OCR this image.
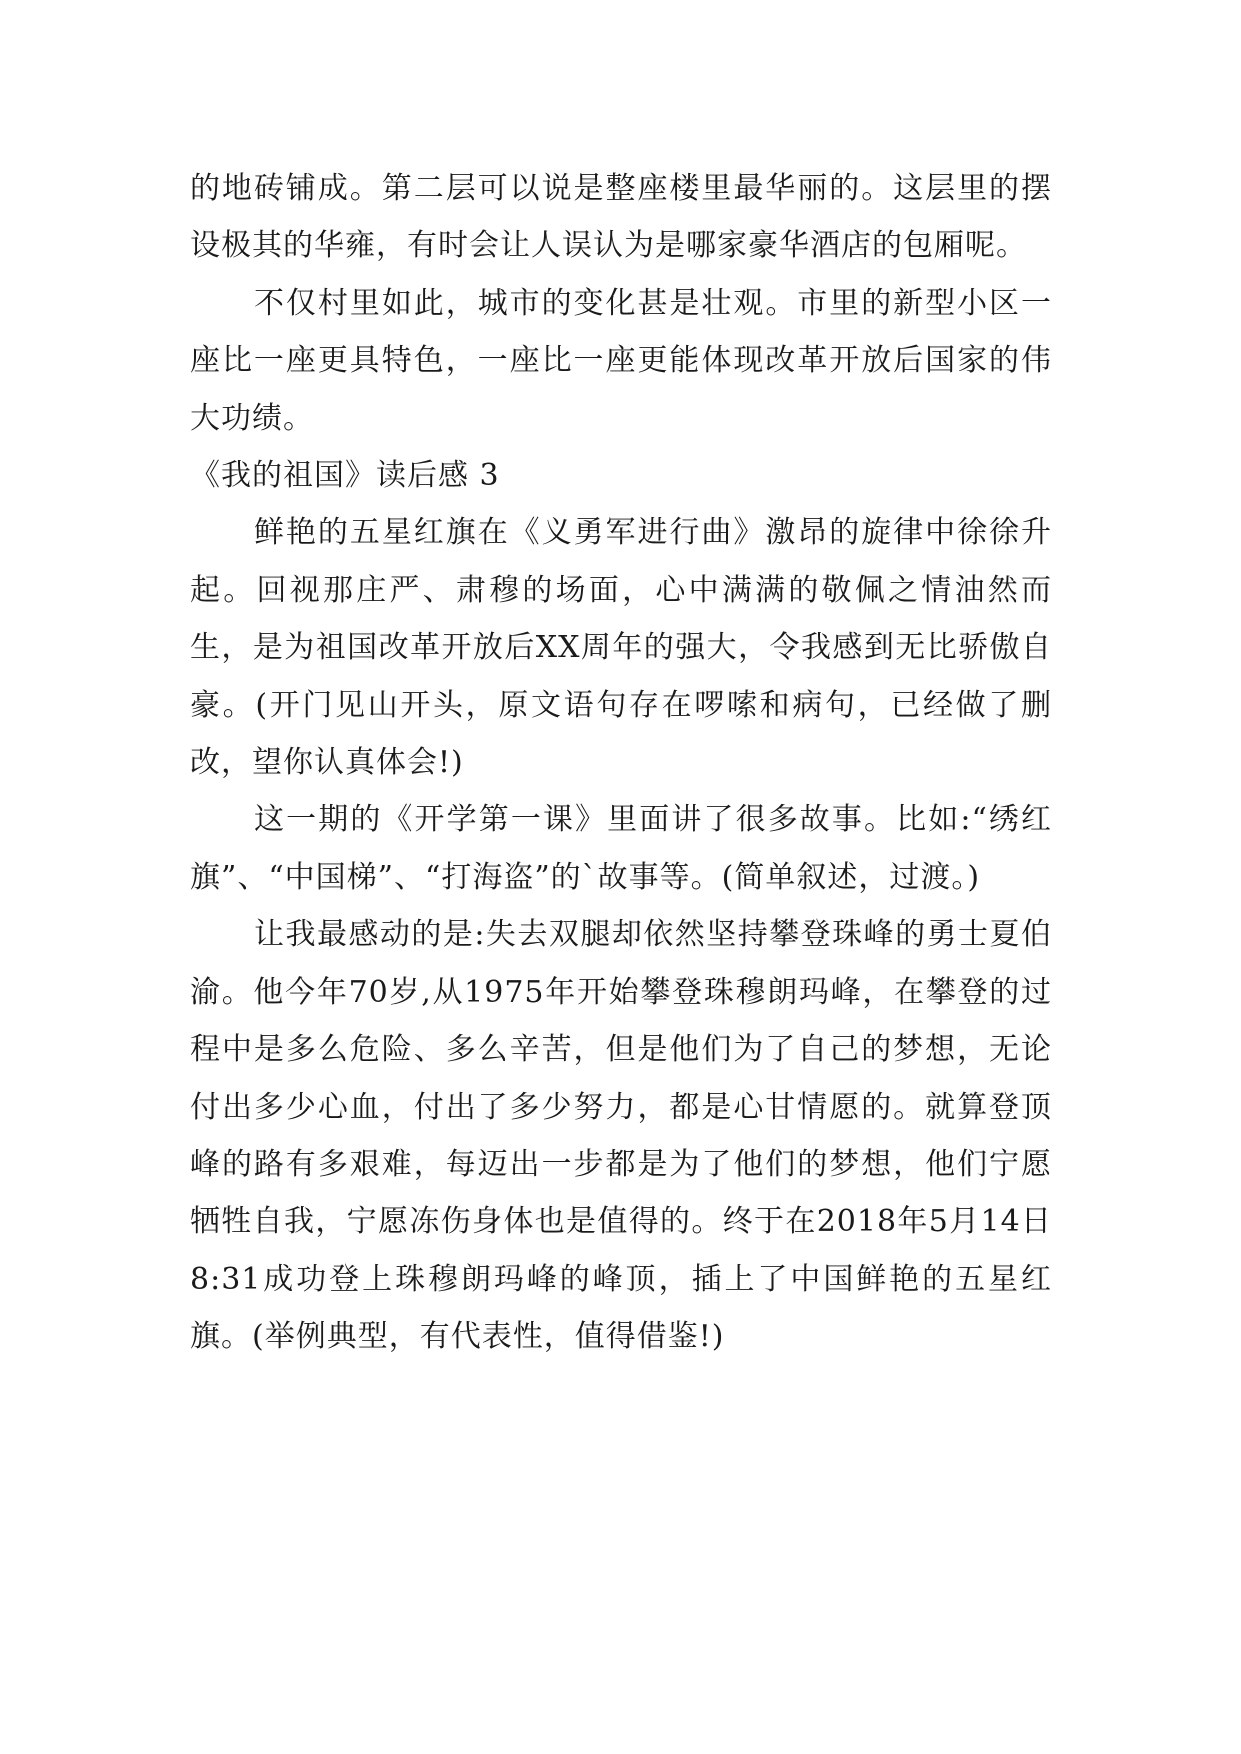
的地砖铺成。第二层可以说是整座楼里最华丽的。这层里的摆设极其的华雍，有时会让人误认为是哪家豪华酒店的包厢呢。

不仅村里如此，城市的变化甚是壮观。市里的新型小区一座比一座更具特色，一座比一座更能体现改革开放后国家的伟大功绩。

《我的祖国》读后感 3

鲜艳的五星红旗在《义勇军进行曲》激昂的旋律中徐徐升起。回视那庄严、肃穆的场面，心中满满的敬佩之情油然而生，是为祖国改革开放后XX周年的强大，令我感到无比骄傲自豪。(开门见山开头，原文语句存在啰嗦和病句，已经做了删改，望你认真体会!)

这一期的《开学第一课》里面讲了很多故事。比如:“绣红旗”、“中国梯”、“打海盗”的`故事等。(简单叙述，过渡。)

让我最感动的是:失去双腿却依然坚持攀登珠峰的勇士夏伯渝。他今年70岁,从1975年开始攀登珠穆朗玛峰，在攀登的过程中是多么危险、多么辛苦，但是他们为了自己的梦想，无论付出多少心血，付出了多少努力，都是心甘情愿的。就算登顶峰的路有多艰难，每迈出一步都是为了他们的梦想，他们宁愿牺牲自我，宁愿冻伤身体也是值得的。终于在2018年5月14日8:31成功登上珠穆朗玛峰的峰顶，插上了中国鲜艳的五星红旗。(举例典型，有代表性，值得借鉴!)
